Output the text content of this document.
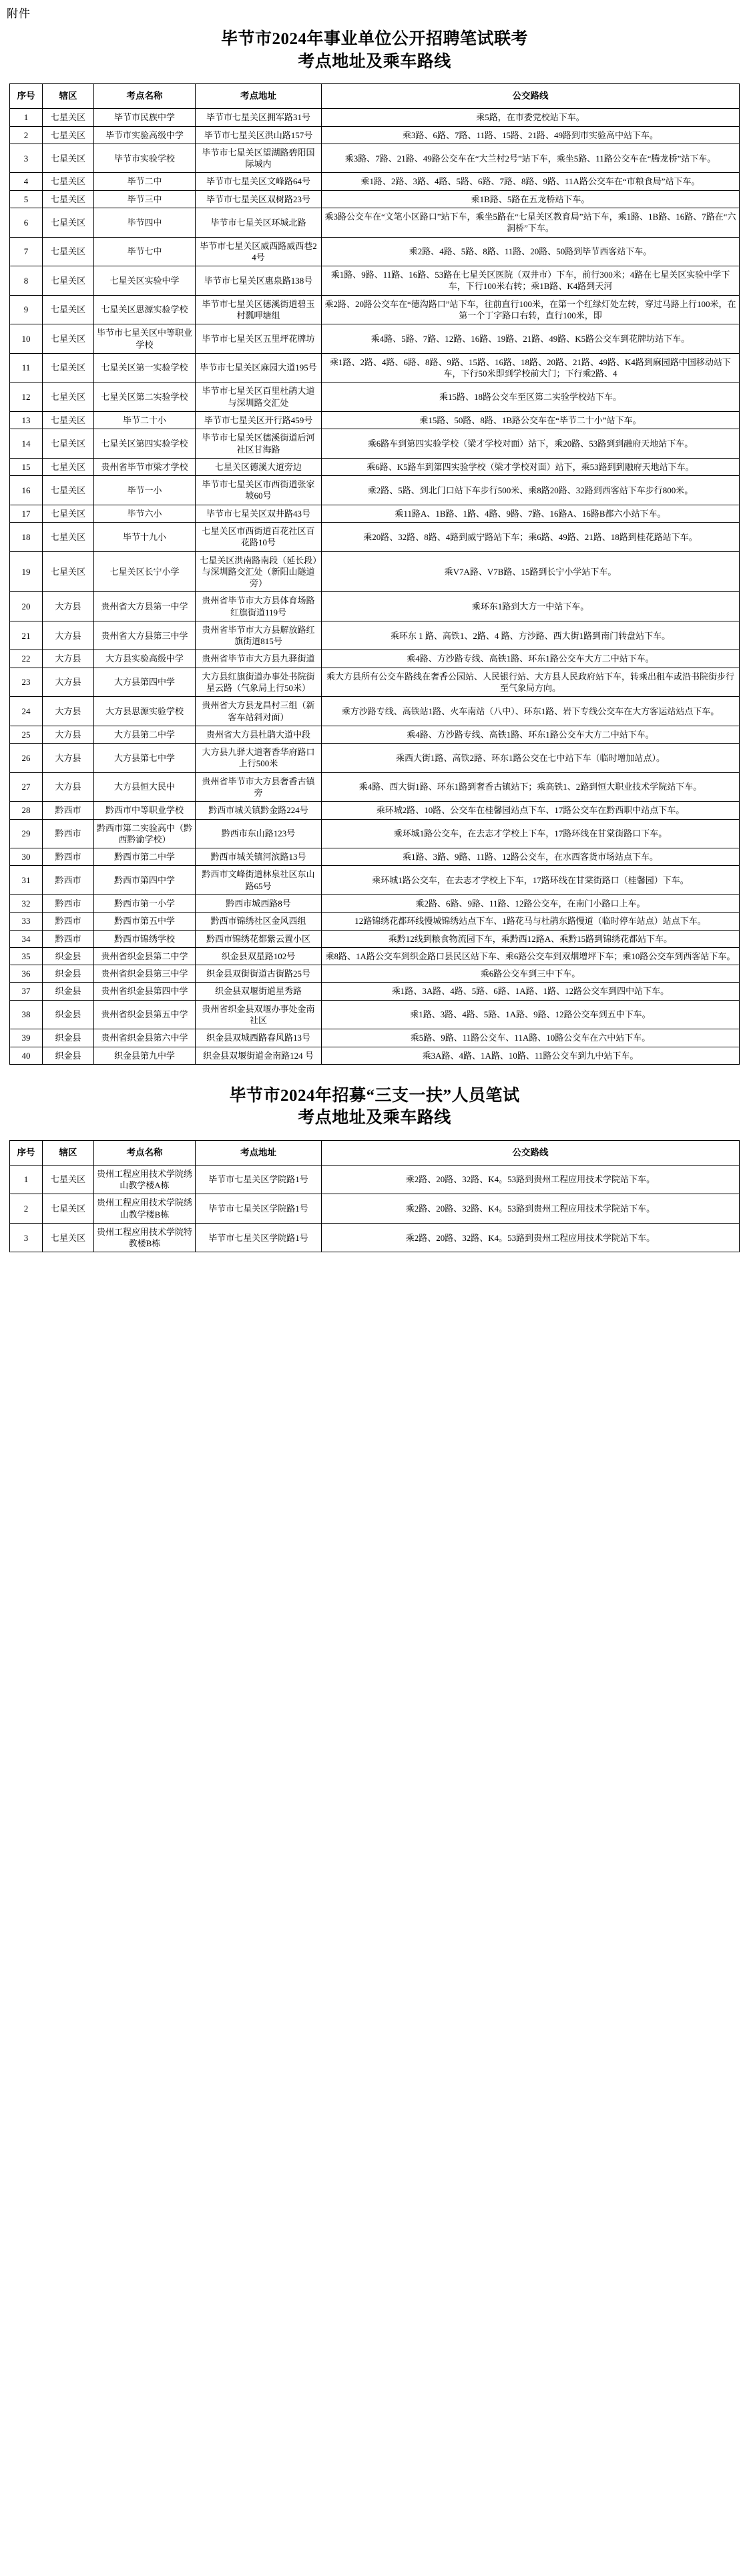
附件
毕节市2024年事业单位公开招聘笔试联考
考点地址及乘车路线
序号	辖区	考点名称	考点地址	公交路线
1	七星关区	毕节市民族中学	毕节市七星关区拥军路31号	乘5路，在市委党校站下车。
2	七星关区	毕节市实验高级中学	毕节市七星关区洪山路157号	乘3路、6路、7路、11路、15路、21路、49路到市实验高中站下车。
3	七星关区	毕节市实验学校	毕节市七星关区望湖路碧阳国际城内	乘3路、7路、21路、49路公交车在“大兰村2号”站下车，乘坐5路、11路公交车在“腾龙桥”站下车。
4	七星关区	毕节二中	毕节市七星关区文峰路64号	乘1路、2路、3路、4路、5路、6路、7路、8路、9路、11A路公交车在“市粮食局”站下车。
5	七星关区	毕节三中	毕节市七星关区双树路23号	乘1B路、5路在五龙桥站下车。
6	七星关区	毕节四中	毕节市七星关区环城北路	乘3路公交车在“文笔小区路口”站下车，乘坐5路在“七星关区教育局”站下车，乘1路、1B路、16路、7路在“六洞桥”下车。
7	七星关区	毕节七中	毕节市七星关区威西路威西巷24号	乘2路、4路、5路、8路、11路、20路、50路到毕节西客站下车。
8	七星关区	七星关区实验中学	毕节市七星关区惠泉路138号	乘1路、9路、11路、16路、53路在七星关区医院（双井市）下车，前行300米；4路在七星关区实验中学下车，下行100米右转；乘1B路、K4路到天河
9	七星关区	七星关区思源实验学校	毕节市七星关区德溪街道碧玉村瓢呷塘组	乘2路、20路公交车在“德沟路口”站下车，往前直行100米，在第一个红绿灯处左转，穿过马路上行100米，在第一个丁字路口右转，直行100米，即
10	七星关区	毕节市七星关区中等职业学校	毕节市七星关区五里坪花牌坊	乘4路、5路、7路、12路、16路、19路、21路、49路、K5路公交车到花牌坊站下车。
11	七星关区	七星关区第一实验学校	毕节市七星关区麻园大道195号	乘1路、2路、4路、6路、8路、9路、15路、16路、18路、20路、21路、49路、K4路到麻园路中国移动站下车，下行50米即到学校前大门；下行乘2路、4
12	七星关区	七星关区第二实验学校	毕节市七星关区百里杜鹃大道与深圳路交汇处	乘15路、18路公交车至区第二实验学校站下车。
13	七星关区	毕节二十小	毕节市七星关区开行路459号	乘15路、50路、8路、1B路公交车在“毕节二十小”站下车。
14	七星关区	七星关区第四实验学校	毕节市七星关区德溪街道后河社区甘海路	乘6路车到第四实验学校（梁才学校对面）站下，乘20路、53路到到融府天地站下车。
15	七星关区	贵州省毕节市梁才学校	七星关区德溪大道旁边	乘6路、K5路车到第四实验学校（梁才学校对面）站下，乘53路到到融府天地站下车。
16	七星关区	毕节一小	毕节市七星关区市西街道张家坡60号	乘2路、5路、到北门口站下车步行500米、乘8路20路、32路到西客站下车步行800米。
17	七星关区	毕节六小	毕节市七星关区双井路43号	乘11路A、1B路、1路、4路、9路、7路、16路A、16路B都六小站下车。
18	七星关区	毕节十九小	七星关区市西街道百花社区百花路10号	乘20路、32路、8路、4路到威宁路站下车；乘6路、49路、21路、18路到桂花路站下车。
19	七星关区	七星关区长宁小学	七星关区洪南路南段（延长段）与深圳路交汇处（新阳山隧道旁）	乘V7A路、V7B路、15路到长宁小学站下车。
20	大方县	贵州省大方县第一中学	贵州省毕节市大方县体育场路红旗街道119号	乘环东1路到大方一中站下车。
21	大方县	贵州省大方县第三中学	贵州省毕节市大方县解放路红旗街道815号	乘环东 1 路、高铁1、2路、4 路、方沙路、西大街1路到南门转盘站下车。
22	大方县	大方县实验高级中学	贵州省毕节市大方县九驿街道	乘4路、方沙路专线、高铁1路、环东1路公交车大方二中站下车。
23	大方县	大方县第四中学	大方县红旗街道办事处书院街星云路（气象局上行50米）	乘大方县所有公交车路线在奢香公园站、人民银行站、大方县人民政府站下车，转乘出租车或沿书院街步行至气象局方向。
24	大方县	大方县思源实验学校	贵州省大方县龙昌村三组（新客车站斜对面）	乘方沙路专线、高铁站1路、火车南站（八中）、环东1路、岩下专线公交车在大方客运站站点下车。
25	大方县	大方县第二中学	贵州省大方县杜鹃大道中段	乘4路、方沙路专线、高铁1路、环东1路公交车大方二中站下车。
26	大方县	大方县第七中学	大方县九驿大道奢香华府路口上行500米	乘西大街1路、高铁2路、环东1路公交在七中站下车（临时增加站点）。
27	大方县	大方县恒大民中	贵州省毕节市大方县奢香古镇旁	乘4路、西大街1路、环东1路到奢香古镇站下；乘高铁1、2路到恒大职业技术学院站下车。
28	黔西市	黔西市中等职业学校	黔西市城关镇黔金路224号	乘环城2路、10路、公交车在桂馨园站点下车、17路公交车在黔西职中站点下车。
29	黔西市	黔西市第二实验高中（黔西黔渝学校）	黔西市东山路123号	乘环城1路公交车，在去志才学校上下车，17路环线在甘棠街路口下车。
30	黔西市	黔西市第二中学	黔西市城关镇河滨路13号	乘1路、3路、9路、11路、12路公交车，在水西客货市场站点下车。
31	黔西市	黔西市第四中学	黔西市文峰街道林泉社区东山路65号	乘环城1路公交车，在去志才学校上下车，17路环线在甘棠街路口（桂馨园）下车。
32	黔西市	黔西市第一小学	黔西市城西路8号	乘2路、6路、9路、11路、12路公交车，在南门小路口上车。
33	黔西市	黔西市第五中学	黔西市锦绣社区金风西组	12路锦绣花都环线慢城锦绣站点下车、1路花马与杜鹃东路慢道（临时停车站点）站点下车。
34	黔西市	黔西市锦绣学校	黔西市锦绣花都紫云置小区	乘黔12线到粮食物流园下车，乘黔西12路A、乘黔15路到锦绣花都站下车。
35	织金县	贵州省织金县第二中学	织金县双星路102号	乘8路、1A路公交车到织金路口县民区站下车、乘6路公交车到双烟增坪下车；乘10路公交车到西客站下车。
36	织金县	贵州省织金县第三中学	织金县双街街道古街路25号	乘6路公交车到三中下车。
37	织金县	贵州省织金县第四中学	织金县双堰街道星秀路	乘1路、3A路、4路、5路、6路、1A路、1路、12路公交车到四中站下车。
38	织金县	贵州省织金县第五中学	贵州省织金县双堰办事处金南社区	乘1路、3路、4路、5路、1A路、9路、12路公交车到五中下车。
39	织金县	贵州省织金县第六中学	织金县双城西路春风路13号	乘5路、9路、11路公交车、11A路、10路公交车在六中站下车。
40	织金县	织金县第九中学	织金县双堰街道金南路124 号	乘3A路、4路、1A路、10路、11路公交车到九中站下车。
毕节市2024年招募“三支一扶”人员笔试
考点地址及乘车路线
序号	辖区	考点名称	考点地址	公交路线
1	七星关区	贵州工程应用技术学院绣山教学楼A栋	毕节市七星关区学院路1号	乘2路、20路、32路、K4。53路到贵州工程应用技术学院站下车。
2	七星关区	贵州工程应用技术学院绣山教学楼B栋	毕节市七星关区学院路1号	乘2路、20路、32路、K4。53路到贵州工程应用技术学院站下车。
3	七星关区	贵州工程应用技术学院特教楼B栋	毕节市七星关区学院路1号	乘2路、20路、32路、K4。53路到贵州工程应用技术学院站下车。
